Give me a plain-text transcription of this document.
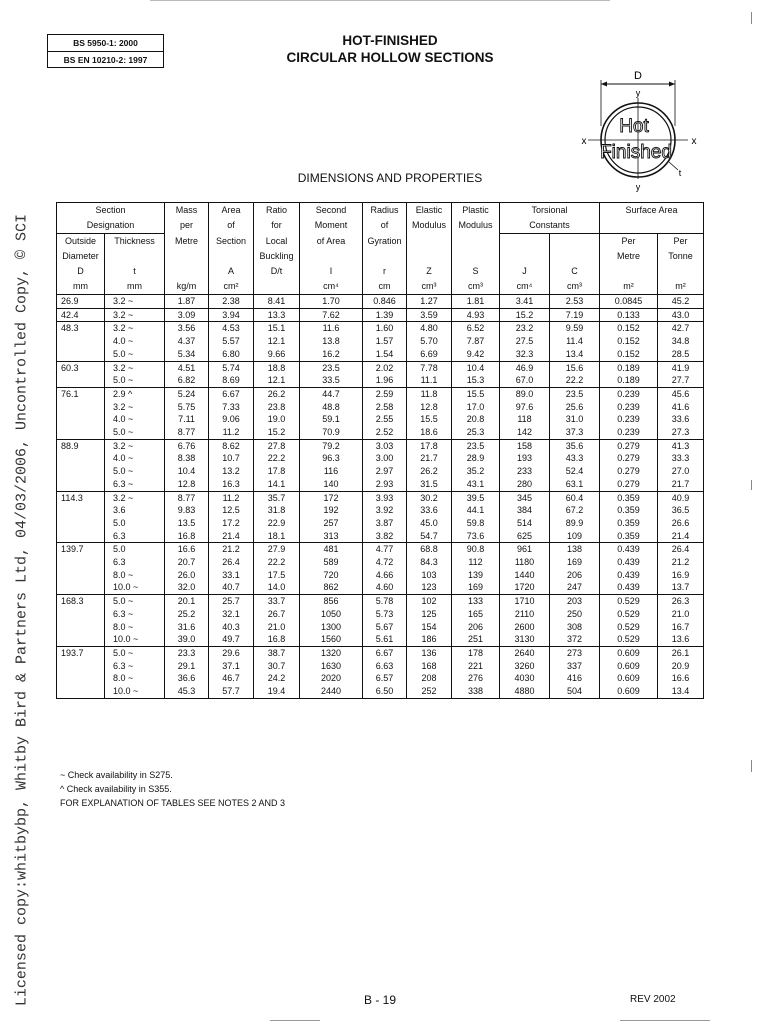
Licensed copy:whitbybp, Whitby Bird & Partners Ltd, 04/03/2006, Uncontrolled Copy, © SCI
BS 5950-1: 2000
BS EN 10210-2: 1997
HOT-FINISHED
CIRCULAR HOLLOW SECTIONS
D
y
Hot
Finished
x	x
y
t
DIMENSIONS AND PROPERTIES
Section		Mass	Area	Ratio	Second	Radius	Elastic	Plastic	Torsional		Surface Area	
Designation		per	of	for	Moment	of	Modulus	Modulus	Constants			
Outside	Thickness	Metre	Section	Local	of Area	Gyration					Per	Per
Diameter				Buckling							Metre	Tonne
D	t		A	D/t	I	r	Z	S	J	C		
mm	mm	kg/m	cm²		cm⁴	cm	cm³	cm³	cm⁴	cm³	m²	m²
26.9	3.2 ~	1.87	2.38	8.41	1.70	0.846	1.27	1.81	3.41	2.53	0.0845	45.2
42.4	3.2 ~	3.09	3.94	13.3	7.62	1.39	3.59	4.93	15.2	7.19	0.133	43.0
48.3	3.2 ~	3.56	4.53	15.1	11.6	1.60	4.80	6.52	23.2	9.59	0.152	42.7
	4.0 ~	4.37	5.57	12.1	13.8	1.57	5.70	7.87	27.5	11.4	0.152	34.8
	5.0 ~	5.34	6.80	9.66	16.2	1.54	6.69	9.42	32.3	13.4	0.152	28.5
60.3	3.2 ~	4.51	5.74	18.8	23.5	2.02	7.78	10.4	46.9	15.6	0.189	41.9
	5.0 ~	6.82	8.69	12.1	33.5	1.96	11.1	15.3	67.0	22.2	0.189	27.7
76.1	2.9 ^	5.24	6.67	26.2	44.7	2.59	11.8	15.5	89.0	23.5	0.239	45.6
	3.2 ~	5.75	7.33	23.8	48.8	2.58	12.8	17.0	97.6	25.6	0.239	41.6
	4.0 ~	7.11	9.06	19.0	59.1	2.55	15.5	20.8	118	31.0	0.239	33.6
	5.0 ~	8.77	11.2	15.2	70.9	2.52	18.6	25.3	142	37.3	0.239	27.3
88.9	3.2 ~	6.76	8.62	27.8	79.2	3.03	17.8	23.5	158	35.6	0.279	41.3
	4.0 ~	8.38	10.7	22.2	96.3	3.00	21.7	28.9	193	43.3	0.279	33.3
	5.0 ~	10.4	13.2	17.8	116	2.97	26.2	35.2	233	52.4	0.279	27.0
	6.3 ~	12.8	16.3	14.1	140	2.93	31.5	43.1	280	63.1	0.279	21.7
114.3	3.2 ~	8.77	11.2	35.7	172	3.93	30.2	39.5	345	60.4	0.359	40.9
	3.6	9.83	12.5	31.8	192	3.92	33.6	44.1	384	67.2	0.359	36.5
	5.0	13.5	17.2	22.9	257	3.87	45.0	59.8	514	89.9	0.359	26.6
	6.3	16.8	21.4	18.1	313	3.82	54.7	73.6	625	109	0.359	21.4
139.7	5.0	16.6	21.2	27.9	481	4.77	68.8	90.8	961	138	0.439	26.4
	6.3	20.7	26.4	22.2	589	4.72	84.3	112	1180	169	0.439	21.2
	8.0 ~	26.0	33.1	17.5	720	4.66	103	139	1440	206	0.439	16.9
	10.0 ~	32.0	40.7	14.0	862	4.60	123	169	1720	247	0.439	13.7
168.3	5.0 ~	20.1	25.7	33.7	856	5.78	102	133	1710	203	0.529	26.3
	6.3 ~	25.2	32.1	26.7	1050	5.73	125	165	2110	250	0.529	21.0
	8.0 ~	31.6	40.3	21.0	1300	5.67	154	206	2600	308	0.529	16.7
	10.0 ~	39.0	49.7	16.8	1560	5.61	186	251	3130	372	0.529	13.6
193.7	5.0 ~	23.3	29.6	38.7	1320	6.67	136	178	2640	273	0.609	26.1
	6.3 ~	29.1	37.1	30.7	1630	6.63	168	221	3260	337	0.609	20.9
	8.0 ~	36.6	46.7	24.2	2020	6.57	208	276	4030	416	0.609	16.6
	10.0 ~	45.3	57.7	19.4	2440	6.50	252	338	4880	504	0.609	13.4
~ Check availability in S275.
^ Check availability in S355.
FOR EXPLANATION OF TABLES SEE NOTES 2 AND 3
B - 19	REV 2002
